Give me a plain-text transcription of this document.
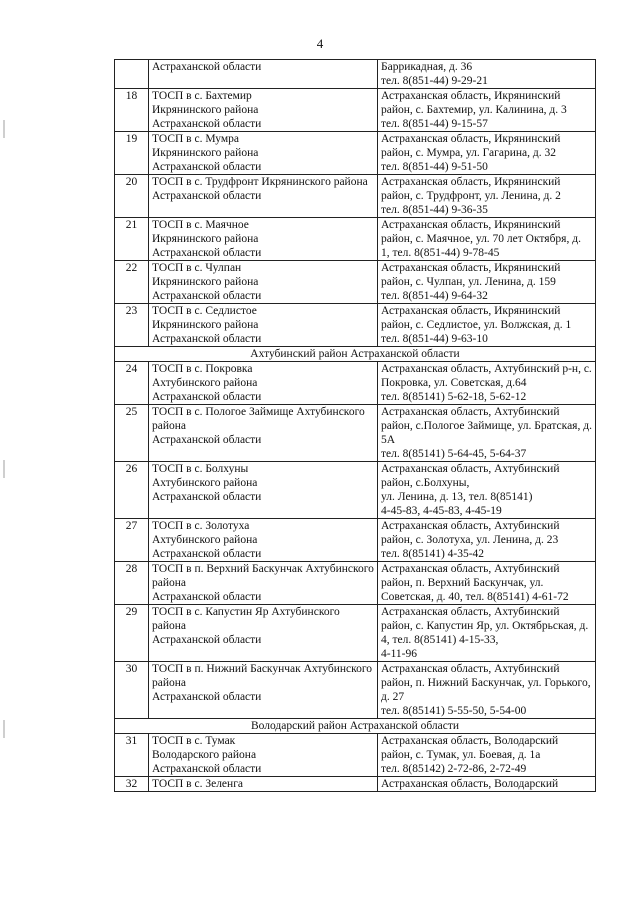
4
	Астраханской области	Баррикадная, д. 36
тел. 8(851-44) 9-29-21
18	ТОСП в с. Бахтемир
Икрянинского района
Астраханской области	Астраханская область, Икрянинский район, с. Бахтемир, ул. Калинина, д. 3
тел. 8(851-44) 9-15-57
19	ТОСП в с. Мумра
Икрянинского района
Астраханской области	Астраханская область, Икрянинский район, с. Мумра, ул. Гагарина, д. 32
тел. 8(851-44) 9-51-50
20	ТОСП в с. Трудфронт Икрянинского района
Астраханской области	Астраханская область, Икрянинский район, с. Трудфронт, ул. Ленина, д. 2
тел. 8(851-44) 9-36-35
21	ТОСП в с. Маячное
Икрянинского района
Астраханской области	Астраханская область, Икрянинский район, с. Маячное, ул. 70 лет Октября, д. 1, тел. 8(851-44) 9-78-45
22	ТОСП в с. Чулпан
Икрянинского района
Астраханской области	Астраханская область, Икрянинский район, с. Чулпан, ул. Ленина, д. 159
тел. 8(851-44) 9-64-32
23	ТОСП в с. Седлистое
Икрянинского района
Астраханской области	Астраханская область, Икрянинский район, с. Седлистое, ул. Волжская, д. 1
тел. 8(851-44) 9-63-10
Ахтубинский район Астраханской области		
24	ТОСП в с. Покровка
Ахтубинского района
Астраханской области	Астраханская область, Ахтубинский р-н, с. Покровка, ул. Советская, д.64
тел. 8(85141) 5-62-18, 5-62-12
25	ТОСП в с. Пологое Займище Ахтубинского района
Астраханской области	Астраханская область, Ахтубинский район, с.Пологое Займище, ул. Братская, д. 5А
тел. 8(85141) 5-64-45, 5-64-37
26	ТОСП в с. Болхуны
Ахтубинского района
Астраханской области	Астраханская область, Ахтубинский район, с.Болхуны,
ул. Ленина, д. 13, тел. 8(85141)
4-45-83, 4-45-83, 4-45-19
27	ТОСП в с. Золотуха
Ахтубинского района
Астраханской области	Астраханская область, Ахтубинский район, с. Золотуха, ул. Ленина, д. 23
тел. 8(85141) 4-35-42
28	ТОСП в п. Верхний Баскунчак Ахтубинского района
Астраханской области	Астраханская область, Ахтубинский район, п. Верхний Баскунчак, ул. Советская, д. 40, тел. 8(85141) 4-61-72
29	ТОСП в с. Капустин Яр Ахтубинского района
Астраханской области	Астраханская область, Ахтубинский район, с. Капустин Яр, ул. Октябрьская, д. 4, тел. 8(85141) 4-15-33,
4-11-96
30	ТОСП в п. Нижний Баскунчак Ахтубинского района
Астраханской области	Астраханская область, Ахтубинский район, п. Нижний Баскунчак, ул. Горького, д. 27
тел. 8(85141) 5-55-50, 5-54-00
Володарский район Астраханской области		
31	ТОСП в с. Тумак
Володарского района
Астраханской области	Астраханская область, Володарский район, с. Тумак, ул. Боевая, д. 1а
тел. 8(85142) 2-72-86, 2-72-49
32	ТОСП в с. Зеленга	Астраханская область, Володарский
